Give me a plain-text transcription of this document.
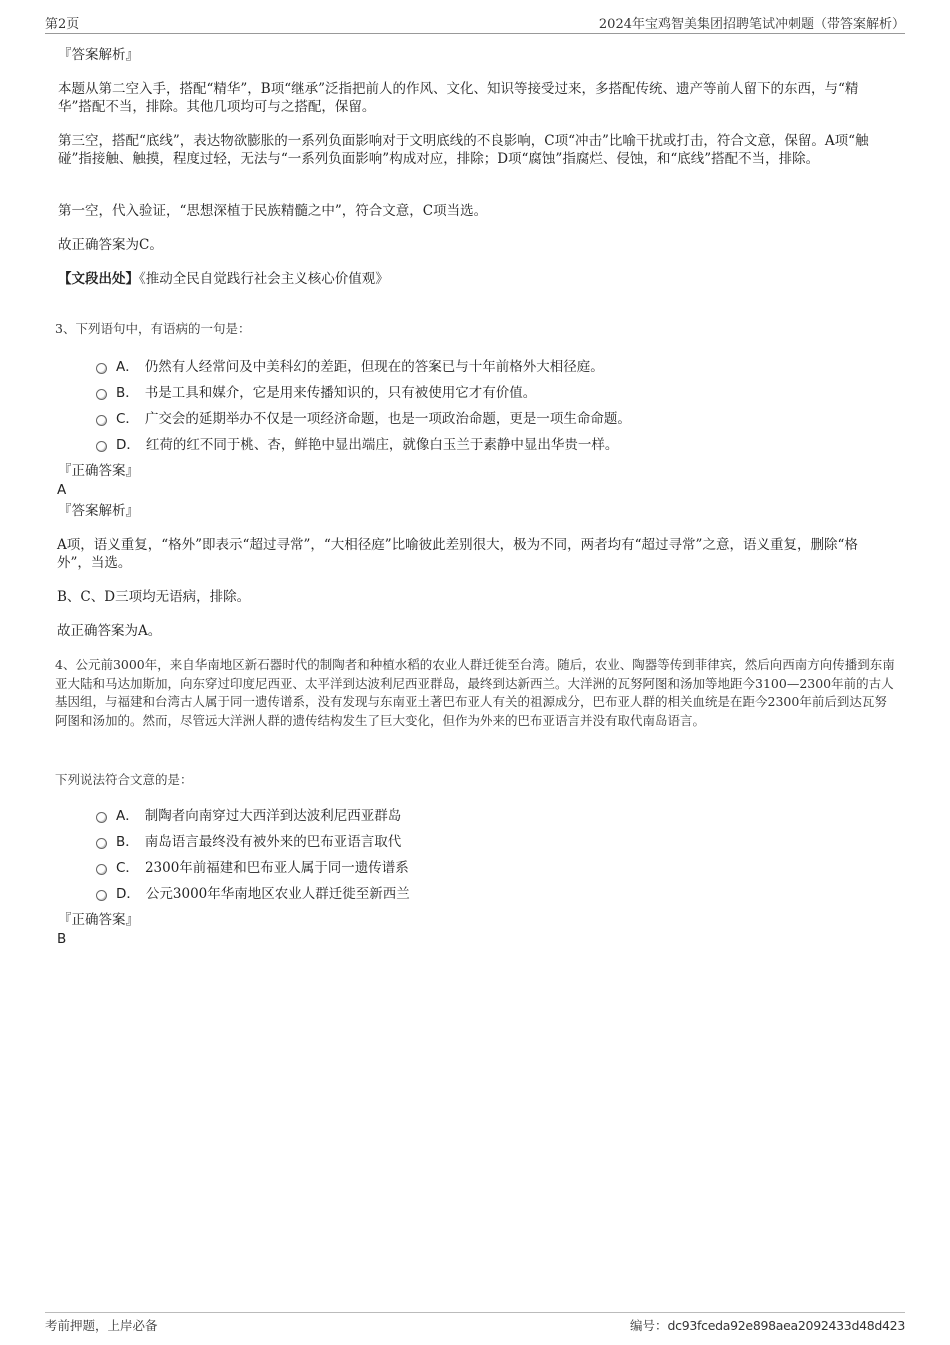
第2页	2024年宝鸡智美集团招聘笔试冲刺题（带答案解析）
『答案解析』
本题从第二空入手，搭配“精华”，B项“继承”泛指把前人的作风、文化、知识等接受过来，多搭配传统、遗产等前人留下的东西，与“精华”搭配不当，排除。其他几项均可与之搭配，保留。
第三空，搭配“底线”，表达物欲膨胀的一系列负面影响对于文明底线的不良影响，C项“冲击”比喻干扰或打击，符合文意，保留。A项“触碰”指接触、触摸，程度过轻，无法与“一系列负面影响”构成对应，排除；D项“腐蚀”指腐烂、侵蚀，和“底线”搭配不当，排除。
第一空，代入验证，“思想深植于民族精髓之中”，符合文意，C项当选。
故正确答案为C。
【文段出处】《推动全民自觉践行社会主义核心价值观》
3、下列语句中，有语病的一句是：
A． 仍然有人经常问及中美科幻的差距，但现在的答案已与十年前格外大相径庭。
B． 书是工具和媒介，它是用来传播知识的，只有被使用它才有价值。
C． 广交会的延期举办不仅是一项经济命题，也是一项政治命题，更是一项生命命题。
D． 红荷的红不同于桃、杏，鲜艳中显出端庄，就像白玉兰于素静中显出华贵一样。
『正确答案』
A
『答案解析』
A项，语义重复，“格外”即表示“超过寻常”，“大相径庭”比喻彼此差别很大，极为不同，两者均有“超过寻常”之意，语义重复，删除“格外”，当选。
B、C、D三项均无语病，排除。
故正确答案为A。
4、公元前3000年，来自华南地区新石器时代的制陶者和种植水稻的农业人群迁徙至台湾。随后，农业、陶器等传到菲律宾，然后向西南方向传播到东南亚大陆和马达加斯加，向东穿过印度尼西亚、太平洋到达波利尼西亚群岛，最终到达新西兰。大洋洲的瓦努阿图和汤加等地距今3100—2300年前的古人基因组，与福建和台湾古人属于同一遗传谱系，没有发现与东南亚土著巴布亚人有关的祖源成分，巴布亚人群的相关血统是在距今2300年前后到达瓦努阿图和汤加的。然而，尽管远大洋洲人群的遗传结构发生了巨大变化，但作为外来的巴布亚语言并没有取代南岛语言。
下列说法符合文意的是：
A． 制陶者向南穿过大西洋到达波利尼西亚群岛
B． 南岛语言最终没有被外来的巴布亚语言取代
C． 2300年前福建和巴布亚人属于同一遗传谱系
D． 公元3000年华南地区农业人群迁徙至新西兰
『正确答案』
B
考前押题，上岸必备	编号：dc93fceda92e898aea2092433d48d423
